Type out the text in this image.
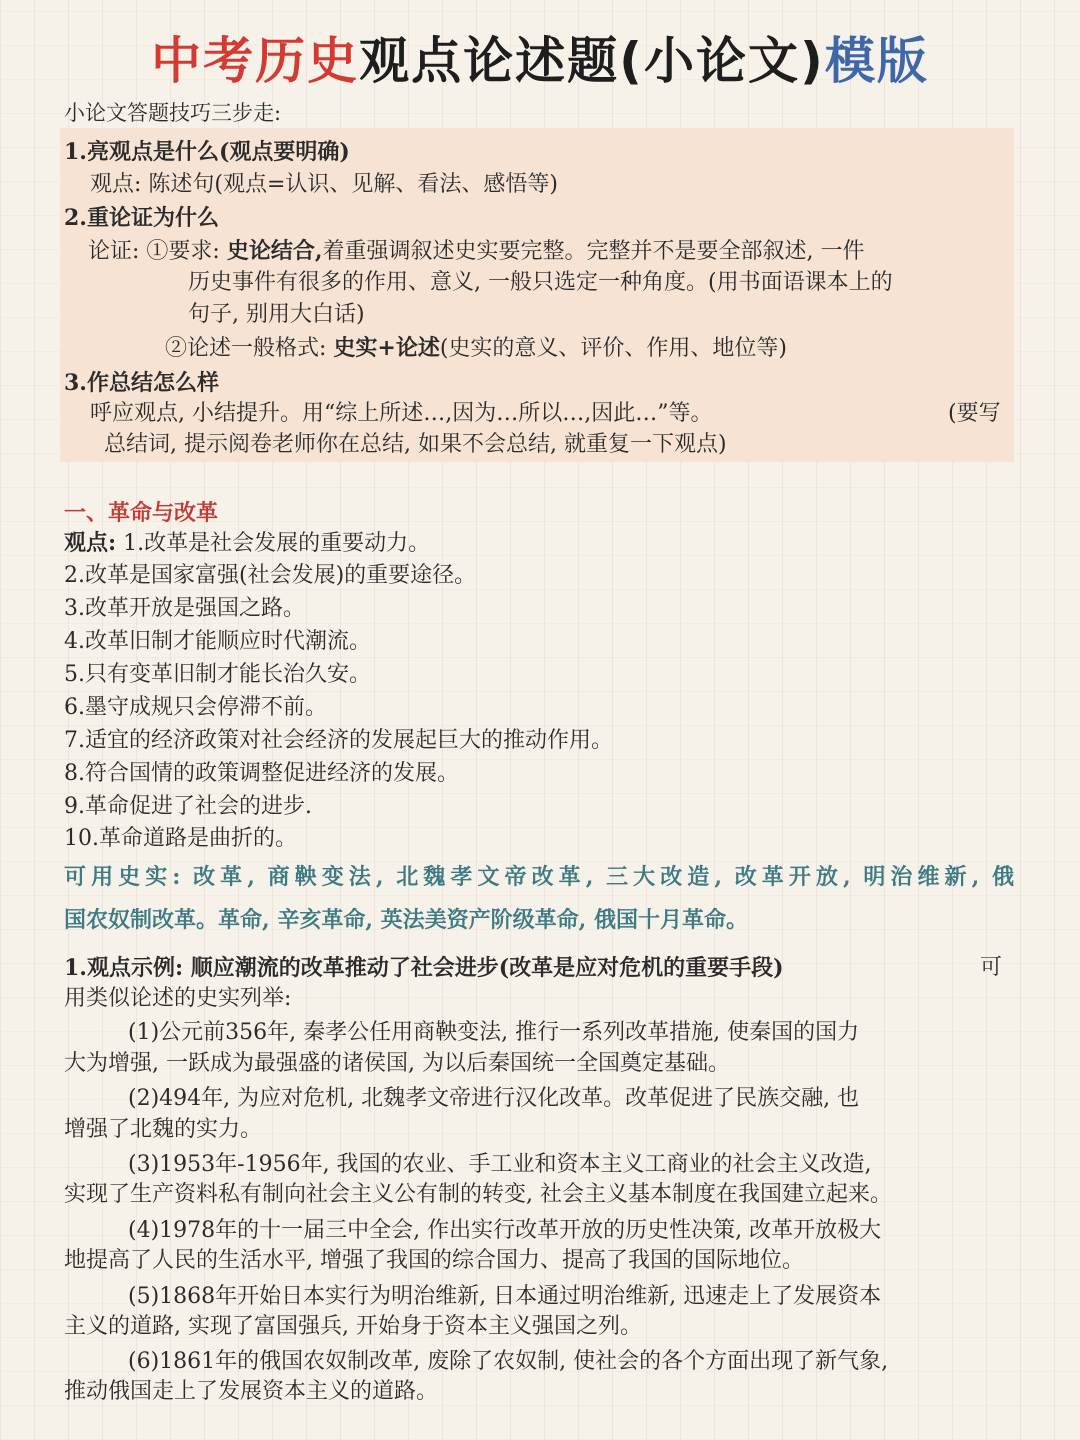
中考历史观点论述题(小论文)模版
小论文答题技巧三步走:
1.亮观点是什么(观点要明确)
观点: 陈述句(观点=认识、见解、看法、感悟等)
2.重论证为什么
论证: ①要求: 史论结合,着重强调叙述史实要完整。完整并不是要全部叙述, 一件
历史事件有很多的作用、意义, 一般只选定一种角度。(用书面语课本上的
句子, 别用大白话)
②论述一般格式: 史实+论述(史实的意义、评价、作用、地位等)
3.作总结怎么样
呼应观点, 小结提升。用“综上所述…,因为…所以…,因此…”等。	(要写
总结词, 提示阅卷老师你在总结, 如果不会总结, 就重复一下观点)
一、革命与改革
观点: 1.改革是社会发展的重要动力。
2.改革是国家富强(社会发展)的重要途径。
3.改革开放是强国之路。
4.改革旧制才能顺应时代潮流。
5.只有变革旧制才能长治久安。
6.墨守成规只会停滞不前。
7.适宜的经济政策对社会经济的发展起巨大的推动作用。
8.符合国情的政策调整促进经济的发展。
9.革命促进了社会的进步.
10.革命道路是曲折的。
可用史实: 改革, 商鞅变法, 北魏孝文帝改革, 三大改造, 改革开放, 明治维新, 俄
国农奴制改革。革命, 辛亥革命, 英法美资产阶级革命, 俄国十月革命。
1.观点示例: 顺应潮流的改革推动了社会进步(改革是应对危机的重要手段)	可
用类似论述的史实列举:
(1)公元前356年, 秦孝公任用商鞅变法, 推行一系列改革措施, 使秦国的国力
大为增强, 一跃成为最强盛的诸侯国, 为以后秦国统一全国奠定基础。
(2)494年, 为应对危机, 北魏孝文帝进行汉化改革。改革促进了民族交融, 也
增强了北魏的实力。
(3)1953年-1956年, 我国的农业、手工业和资本主义工商业的社会主义改造,
实现了生产资料私有制向社会主义公有制的转变, 社会主义基本制度在我国建立起来。
(4)1978年的十一届三中全会, 作出实行改革开放的历史性决策, 改革开放极大
地提高了人民的生活水平, 增强了我国的综合国力、提高了我国的国际地位。
(5)1868年开始日本实行为明治维新, 日本通过明治维新, 迅速走上了发展资本
主义的道路, 实现了富国强兵, 开始身于资本主义强国之列。
(6)1861年的俄国农奴制改革, 废除了农奴制, 使社会的各个方面出现了新气象,
推动俄国走上了发展资本主义的道路。
